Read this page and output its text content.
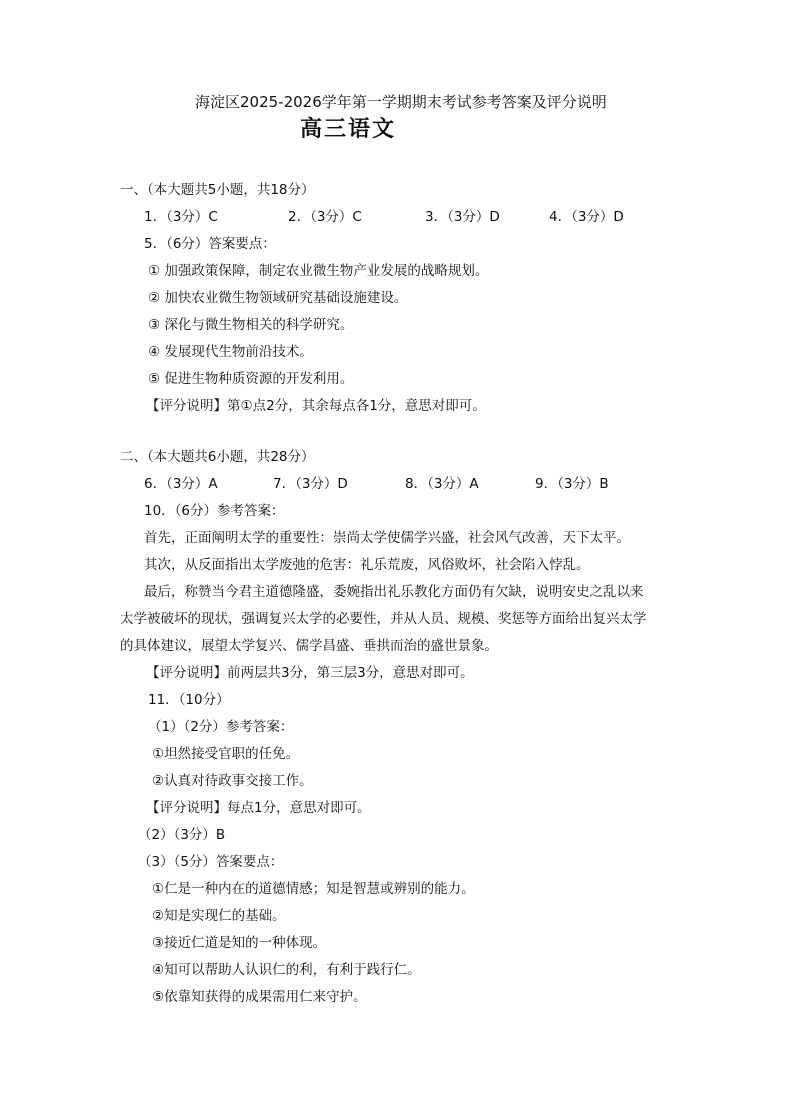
海淀区2025-2026学年第一学期期末考试参考答案及评分说明
高三语文
一、（本大题共5小题，共18分）
1．（3分）C	2．（3分）C	3．（3分）D	4．（3分）D
5．（6分）答案要点：
① 加强政策保障，制定农业微生物产业发展的战略规划。
② 加快农业微生物领域研究基础设施建设。
③ 深化与微生物相关的科学研究。
④ 发展现代生物前沿技术。
⑤ 促进生物种质资源的开发利用。
【评分说明】第①点2分，其余每点各1分，意思对即可。
二、（本大题共6小题，共28分）
6．（3分）A	7．（3分）D	8．（3分）A	9．（3分）B
10．（6分）参考答案：
首先，正面阐明太学的重要性：崇尚太学使儒学兴盛，社会风气改善，天下太平。
其次，从反面指出太学废弛的危害：礼乐荒废，风俗败坏，社会陷入悖乱。
最后，称赞当今君主道德隆盛，委婉指出礼乐教化方面仍有欠缺，说明安史之乱以来
太学被破坏的现状，强调复兴太学的必要性，并从人员、规模、奖惩等方面给出复兴太学
的具体建议，展望太学复兴、儒学昌盛、垂拱而治的盛世景象。
【评分说明】前两层共3分，第三层3分，意思对即可。
11．（10分）
（1）（2分）参考答案：
①坦然接受官职的任免。
②认真对待政事交接工作。
【评分说明】每点1分，意思对即可。
（2）（3分）B
（3）（5分）答案要点：
①仁是一种内在的道德情感；知是智慧或辨别的能力。
②知是实现仁的基础。
③接近仁道是知的一种体现。
④知可以帮助人认识仁的利，有利于践行仁。
⑤依靠知获得的成果需用仁来守护。
